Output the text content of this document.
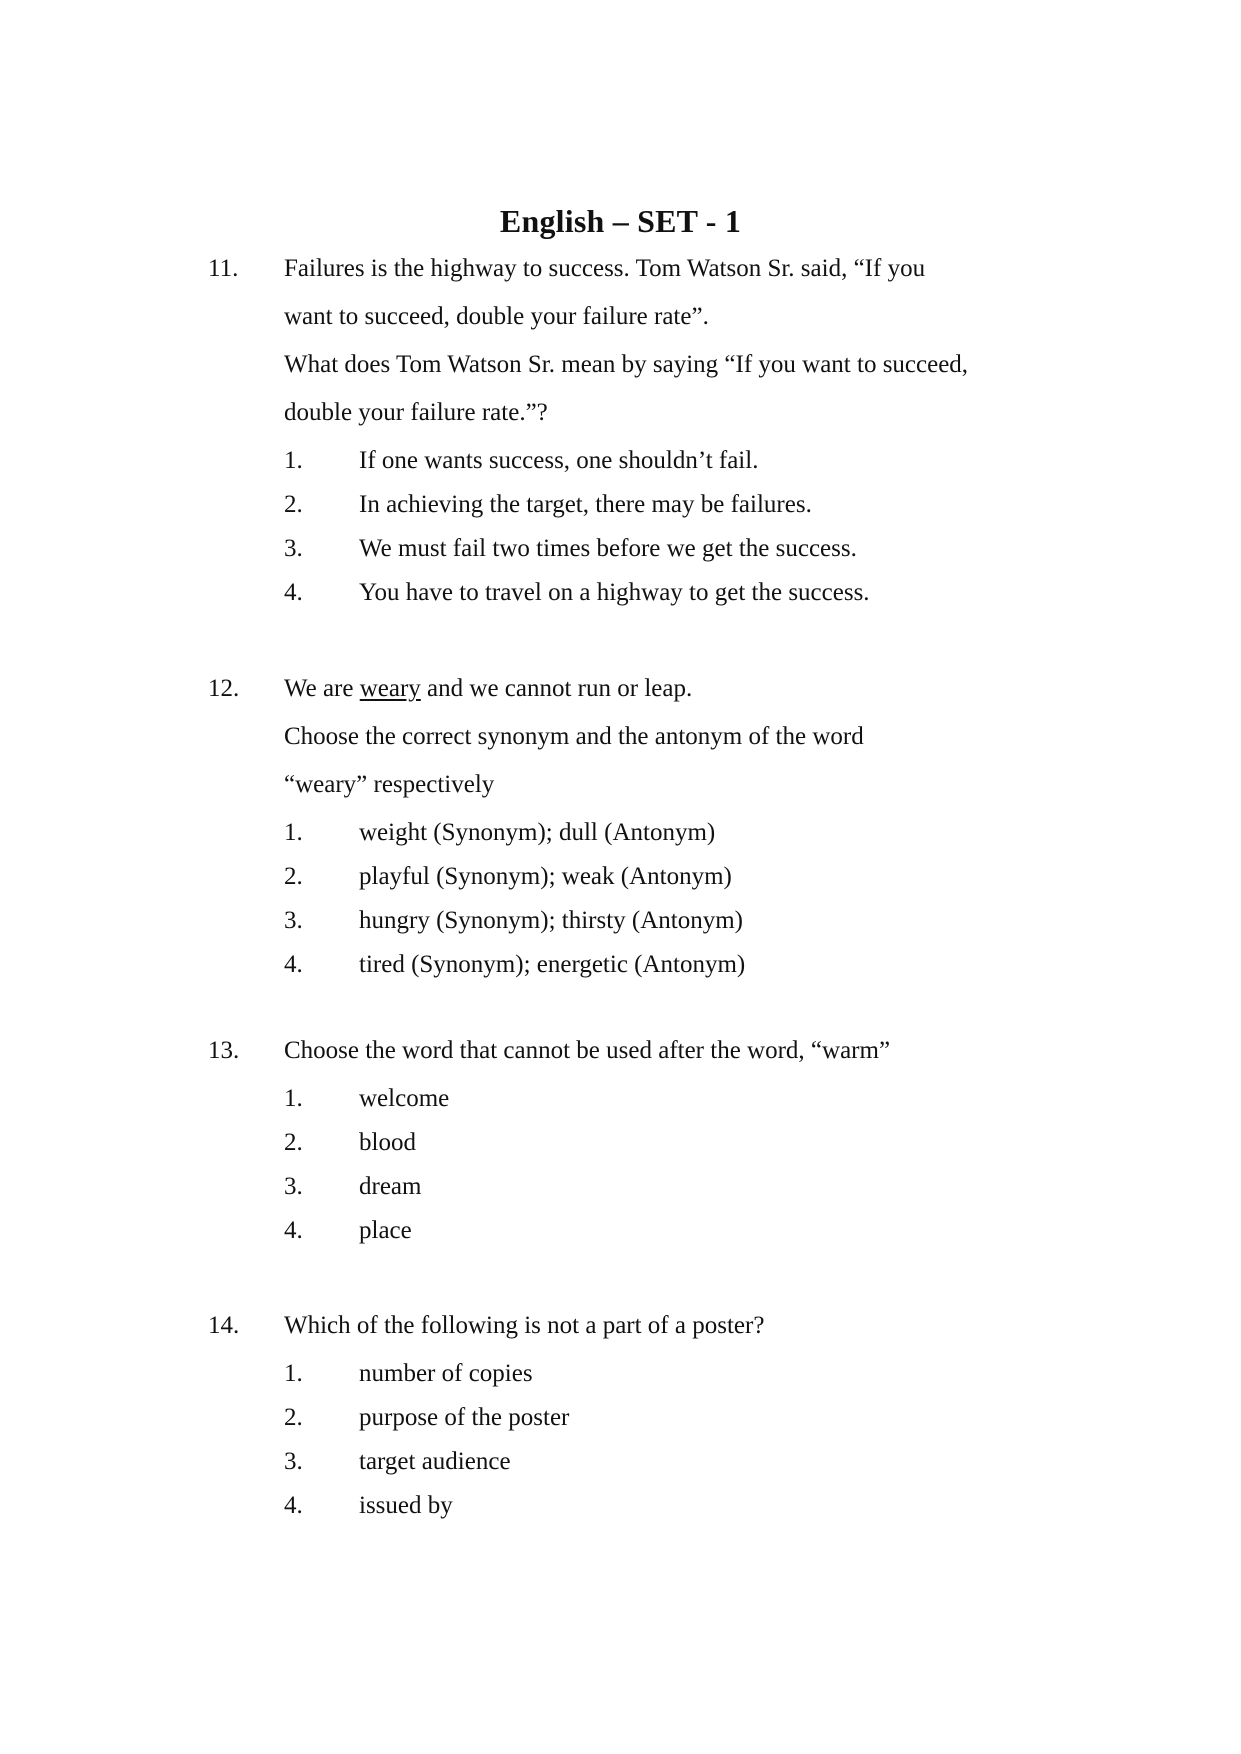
English – SET - 1
11. Failures is the highway to success. Tom Watson Sr. said, “If you
want to succeed, double your failure rate”.
What does Tom Watson Sr. mean by saying “If you want to succeed,
double your failure rate.”?
1. If one wants success, one shouldn’t fail.
2. In achieving the target, there may be failures.
3. We must fail two times before we get the success.
4. You have to travel on a highway to get the success.
12. We are weary and we cannot run or leap.
Choose the correct synonym and the antonym of the word
“weary” respectively
1. weight (Synonym); dull (Antonym)
2. playful (Synonym); weak (Antonym)
3. hungry (Synonym); thirsty (Antonym)
4. tired (Synonym); energetic (Antonym)
13. Choose the word that cannot be used after the word, “warm”
1. welcome
2. blood
3. dream
4. place
14. Which of the following is not a part of a poster?
1. number of copies
2. purpose of the poster
3. target audience
4. issued by
